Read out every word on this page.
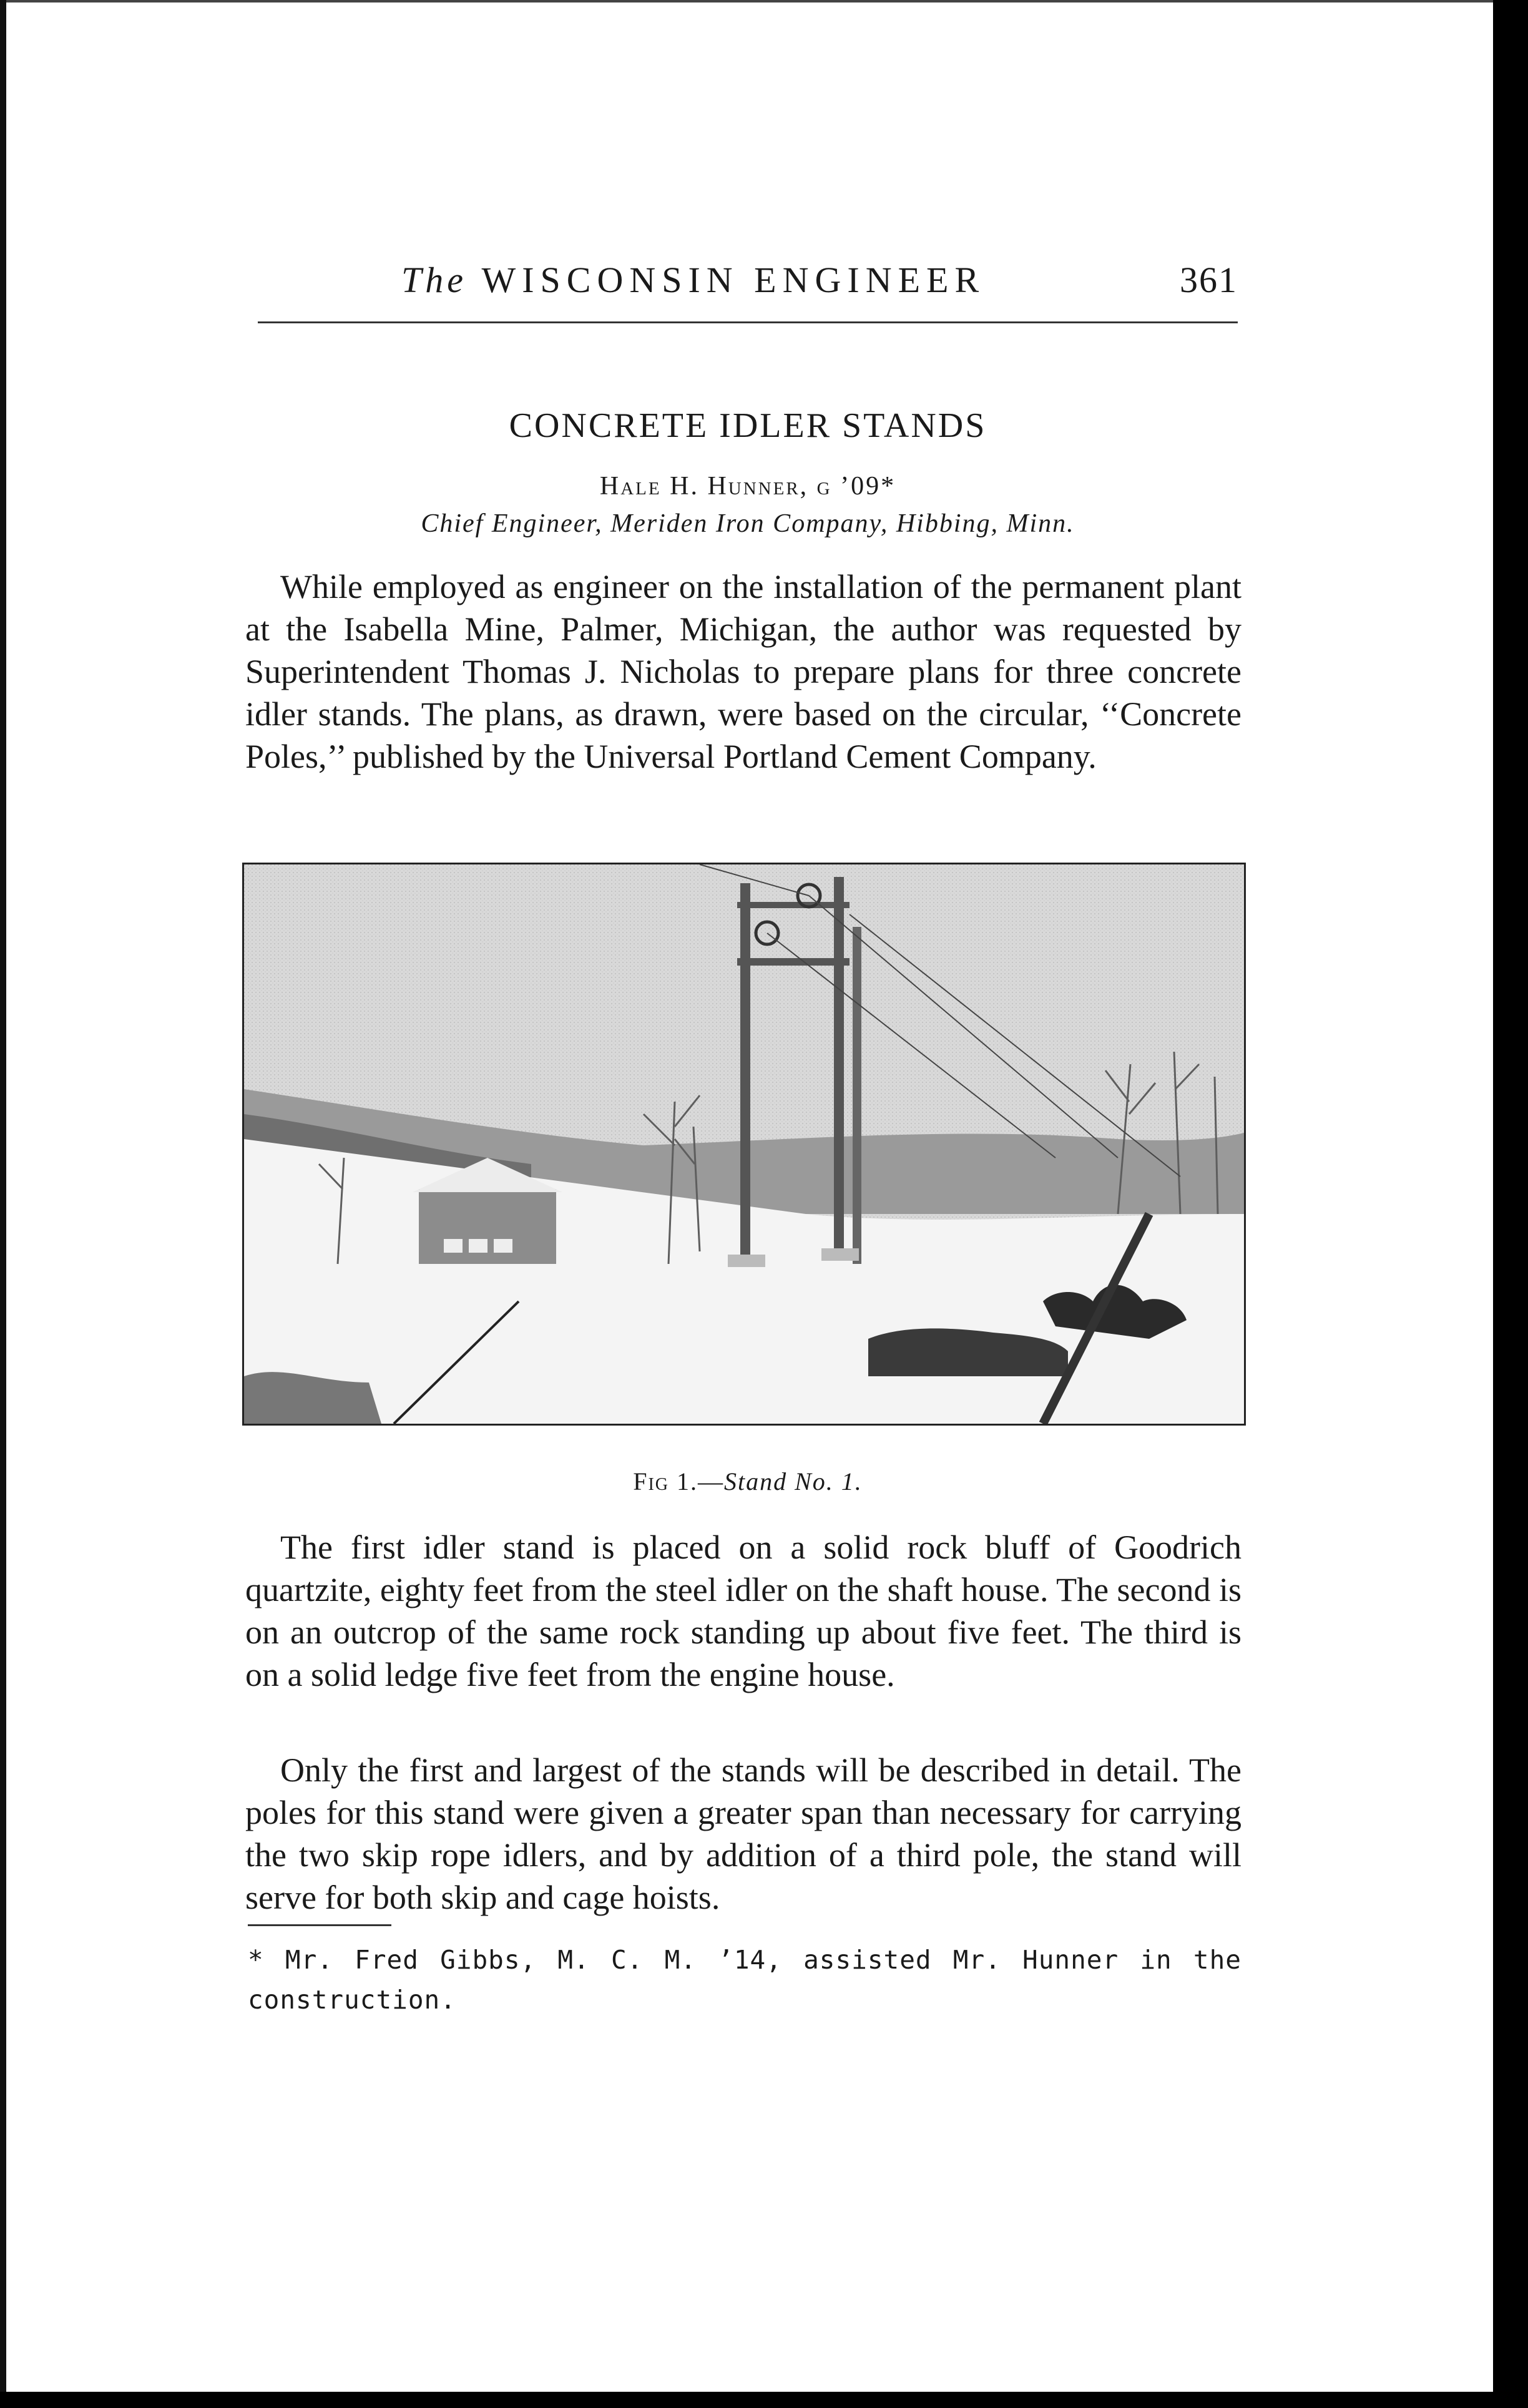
The WISCONSIN ENGINEER	361
CONCRETE IDLER STANDS
Hale H. Hunner, g ’09*
Chief Engineer, Meriden Iron Company, Hibbing, Minn.

While employed as engineer on the installation of the permanent plant at the Isabella Mine, Palmer, Michigan, the author was requested by Superintendent Thomas J. Nicholas to prepare plans for three concrete idler stands. The plans, as drawn, were based on the circular, ‘‘Concrete Poles,’’ published by the Universal Portland Cement Company.

Fig 1.—Stand No. 1.

The first idler stand is placed on a solid rock bluff of Goodrich quartzite, eighty feet from the steel idler on the shaft house. The second is on an outcrop of the same rock standing up about five feet. The third is on a solid ledge five feet from the engine house.

Only the first and largest of the stands will be described in detail. The poles for this stand were given a greater span than necessary for carrying the two skip rope idlers, and by addition of a third pole, the stand will serve for both skip and cage hoists.

* Mr. Fred Gibbs, M. C. M. ’14, assisted Mr. Hunner in the construction.
